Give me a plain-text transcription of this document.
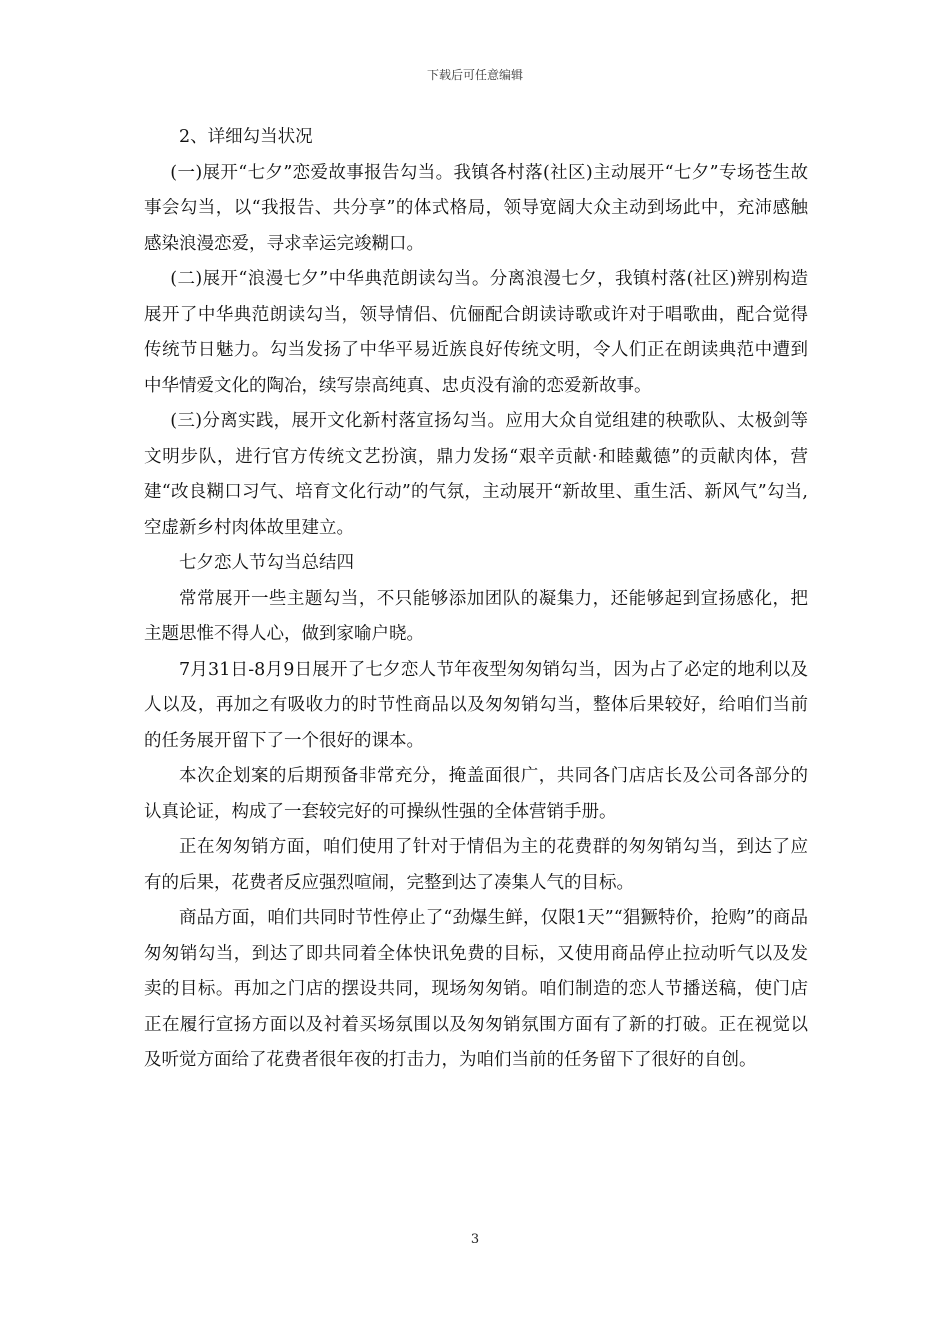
下载后可任意编辑

2、详细勾当状况

(一)展开“七夕”恋爱故事报告勾当。我镇各村落(社区)主动展开“七夕”专场苍生故事会勾当，以“我报告、共分享”的体式格局，领导宽阔大众主动到场此中，充沛感触感染浪漫恋爱，寻求幸运完竣糊口。

(二)展开“浪漫七夕”中华典范朗读勾当。分离浪漫七夕，我镇村落(社区)辨别构造展开了中华典范朗读勾当，领导情侣、伉俪配合朗读诗歌或许对于唱歌曲，配合觉得传统节日魅力。勾当发扬了中华平易近族良好传统文明，令人们正在朗读典范中遭到中华情爱文化的陶冶，续写崇高纯真、忠贞没有渝的恋爱新故事。

(三)分离实践，展开文化新村落宣扬勾当。应用大众自觉组建的秧歌队、太极剑等文明步队，进行官方传统文艺扮演，鼎力发扬“艰辛贡献·和睦戴德”的贡献肉体，营建“改良糊口习气、培育文化行动”的气氛，主动展开“新故里、重生活、新风气”勾当,空虚新乡村肉体故里建立。

七夕恋人节勾当总结四

常常展开一些主题勾当，不只能够添加团队的凝集力，还能够起到宣扬感化，把主题思惟不得人心，做到家喻户晓。

7月31日-8月9日展开了七夕恋人节年夜型匆匆销勾当，因为占了必定的地利以及人以及，再加之有吸收力的时节性商品以及匆匆销勾当，整体后果较好，给咱们当前的任务展开留下了一个很好的课本。

本次企划案的后期预备非常充分，掩盖面很广，共同各门店店长及公司各部分的认真论证，构成了一套较完好的可操纵性强的全体营销手册。

正在匆匆销方面，咱们使用了针对于情侣为主的花费群的匆匆销勾当，到达了应有的后果，花费者反应强烈喧闹，完整到达了凑集人气的目标。

商品方面，咱们共同时节性停止了“劲爆生鲜，仅限1天”“猖獗特价，抢购”的商品匆匆销勾当，到达了即共同着全体快讯免费的目标，又使用商品停止拉动听气以及发卖的目标。再加之门店的摆设共同，现场匆匆销。咱们制造的恋人节播送稿，使门店正在履行宣扬方面以及衬着买场氛围以及匆匆销氛围方面有了新的打破。正在视觉以及听觉方面给了花费者很年夜的打击力，为咱们当前的任务留下了很好的自创。

3
